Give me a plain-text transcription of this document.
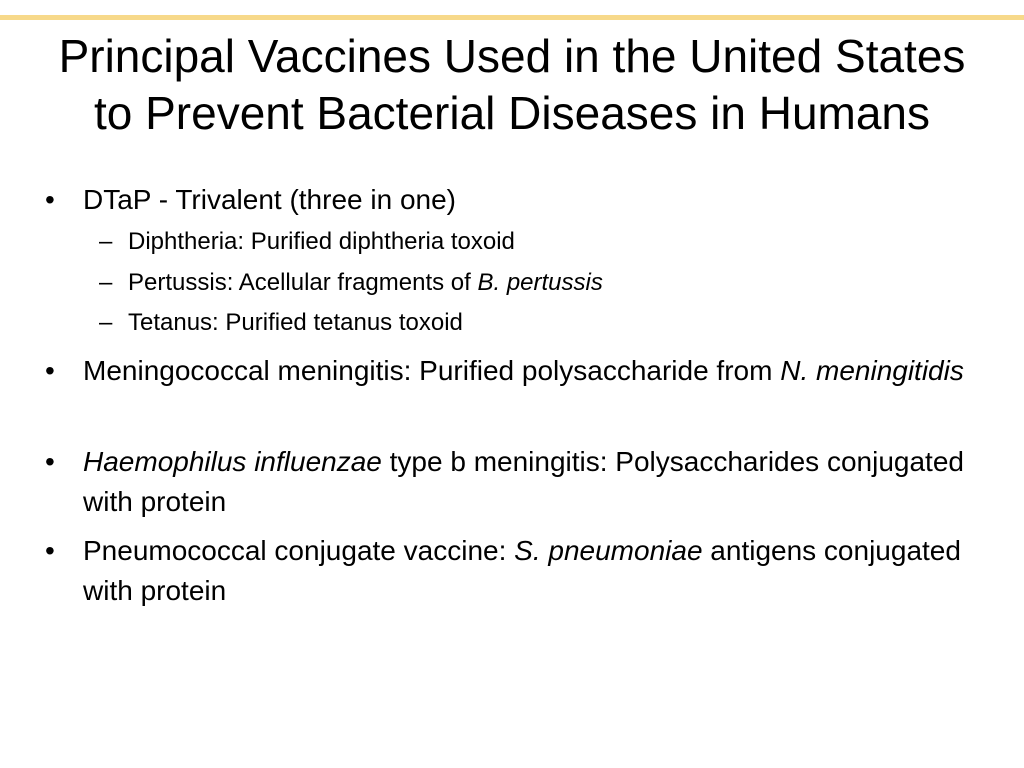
• DTaP - Trivalent (three in one)
– Diphtheria: Purified diphtheria toxoid
– Pertussis: Acellular fragments of B. pertussis
– Tetanus: Purified tetanus toxoid
• Meningococcal meningitis: Purified polysaccharide from N. meningitidis
• Haemophilus influenzae type b meningitis: Polysaccharides conjugated with protein
• Pneumococcal conjugate vaccine: S. pneumoniae antigens conjugated with protein
Principal Vaccines Used in the United States to Prevent Bacterial Diseases in Humans
